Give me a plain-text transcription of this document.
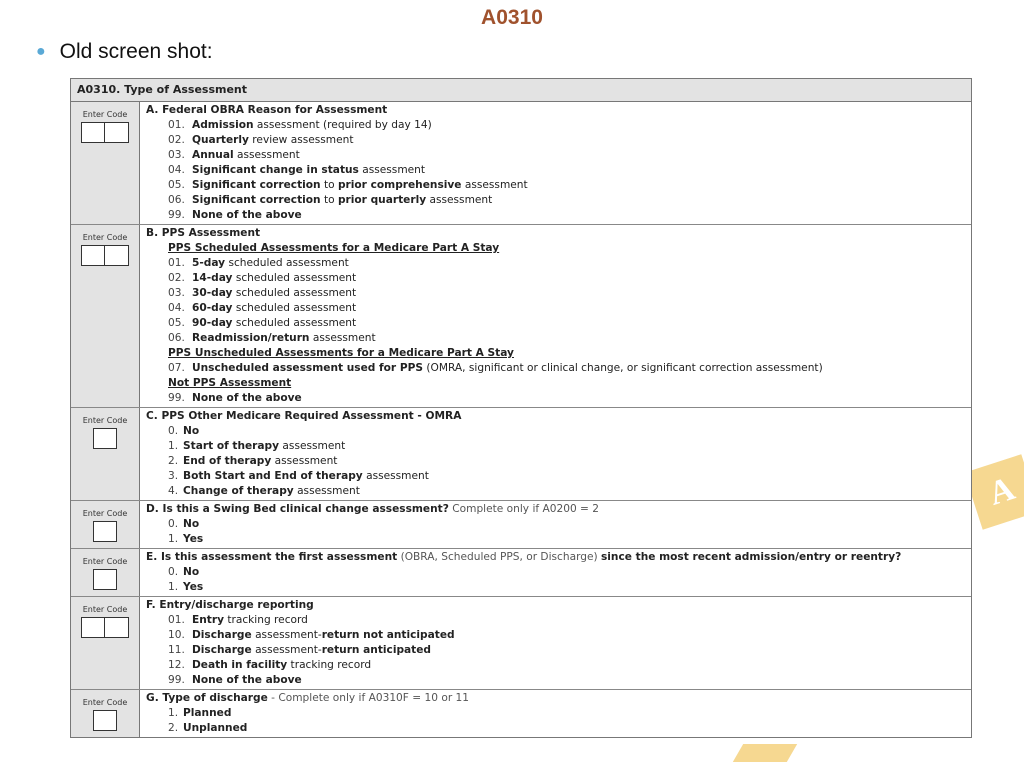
A0310
● Old screen shot:
A
A0310. Type of Assessment
Enter Code	A. Federal OBRA Reason for Assessment
01. Admission assessment (required by day 14)
02. Quarterly review assessment
03. Annual assessment
04. Significant change in status assessment
05. Significant correction to prior comprehensive assessment
06. Significant correction to prior quarterly assessment
99. None of the above
Enter Code	B. PPS Assessment
PPS Scheduled Assessments for a Medicare Part A Stay
01. 5-day scheduled assessment
02. 14-day scheduled assessment
03. 30-day scheduled assessment
04. 60-day scheduled assessment
05. 90-day scheduled assessment
06. Readmission/return assessment
PPS Unscheduled Assessments for a Medicare Part A Stay
07. Unscheduled assessment used for PPS (OMRA, significant or clinical change, or significant correction assessment)
Not PPS Assessment
99. None of the above
Enter Code	C. PPS Other Medicare Required Assessment - OMRA
0. No
1. Start of therapy assessment
2. End of therapy assessment
3. Both Start and End of therapy assessment
4. Change of therapy assessment
Enter Code	D. Is this a Swing Bed clinical change assessment? Complete only if A0200 = 2
0. No
1. Yes
Enter Code	E. Is this assessment the first assessment (OBRA, Scheduled PPS, or Discharge) since the most recent admission/entry or reentry?
0. No
1. Yes
Enter Code	F. Entry/discharge reporting
01. Entry tracking record
10. Discharge assessment-return not anticipated
11. Discharge assessment-return anticipated
12. Death in facility tracking record
99. None of the above
Enter Code	G. Type of discharge - Complete only if A0310F = 10 or 11
1. Planned
2. Unplanned
